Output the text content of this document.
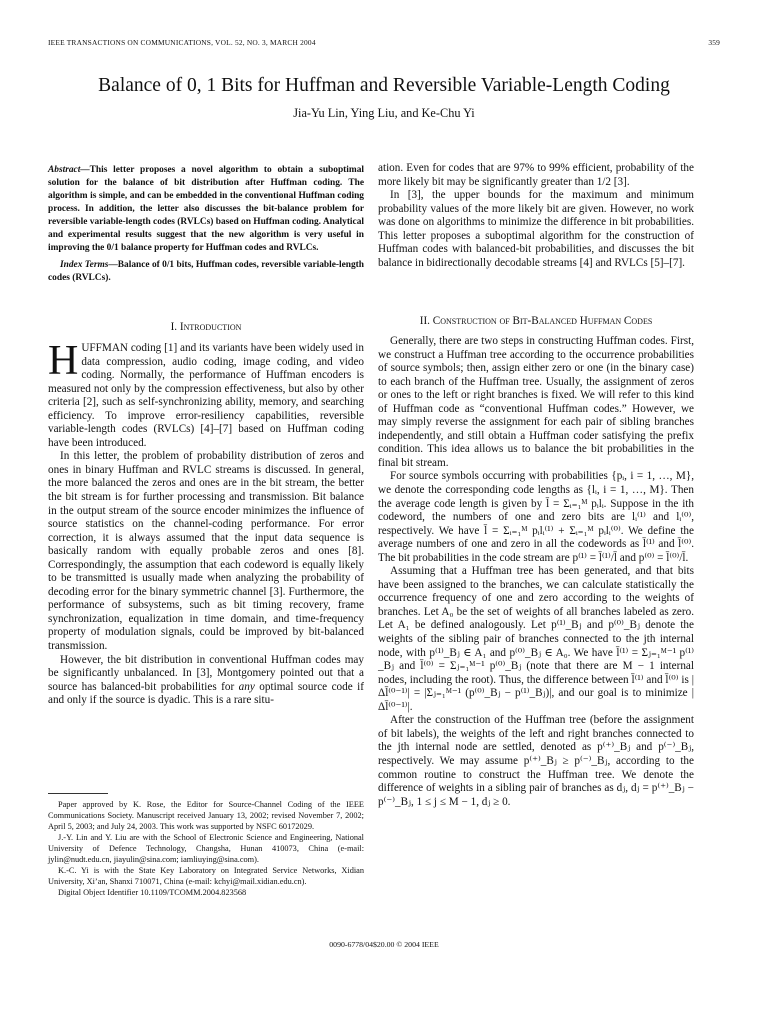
IEEE TRANSACTIONS ON COMMUNICATIONS, VOL. 52, NO. 3, MARCH 2004	359
Balance of 0, 1 Bits for Huffman and Reversible Variable-Length Coding
Jia-Yu Lin, Ying Liu, and Ke-Chu Yi

Abstract—This letter proposes a novel algorithm to obtain a suboptimal solution for the balance of bit distribution after Huffman coding. The algorithm is simple, and can be embedded in the conventional Huffman coding process. In addition, the letter also discusses the bit-balance problem for reversible variable-length codes (RVLCs) based on Huffman coding. Analytical and experimental results suggest that the new algorithm is very useful in improving the 0/1 balance property for Huffman codes and RVLCs.

Index Terms—Balance of 0/1 bits, Huffman codes, reversible variable-length codes (RVLCs).

I. Introduction

HUFFMAN coding [1] and its variants have been widely used in data compression, audio coding, image coding, and video coding. Normally, the performance of Huffman encoders is measured not only by the compression effectiveness, but also by other criteria [2], such as self-synchronizing ability, memory, and searching efficiency. To improve error-resiliency capabilities, reversible variable-length codes (RVLCs) [4]–[7] based on Huffman coding have been introduced.

In this letter, the problem of probability distribution of zeros and ones in binary Huffman and RVLC streams is discussed. In general, the more balanced the zeros and ones are in the bit stream, the better the bit stream is for further processing and transmission. Bit balance in the output stream of the source encoder minimizes the influence of source statistics on the channel-coding performance. For error correction, it is always assumed that the input data sequence is basically random with equally probable zeros and ones [8]. Correspondingly, the assumption that each codeword is equally likely to be transmitted is usually made when analyzing the probability of decoding error for the binary symmetric channel [3]. Furthermore, the performance of subsystems, such as bit timing recovery, frame synchronization, equalization in time domain, and time-frequency property of modulation signals, could be improved by bit-balanced transmission.

However, the bit distribution in conventional Huffman codes may be significantly unbalanced. In [3], Montgomery pointed out that a source has balanced-bit probabilities for any optimal source code if and only if the source is dyadic. This is a rare situ-

Paper approved by K. Rose, the Editor for Source-Channel Coding of the IEEE Communications Society. Manuscript received January 13, 2002; revised November 7, 2002; April 5, 2003; and July 24, 2003. This work was supported by NSFC 60172029.

J.-Y. Lin and Y. Liu are with the School of Electronic Science and Engineering, National University of Defence Technology, Changsha, Hunan 410073, China (e-mail: jylin@nudt.edu.cn, jiayulin@sina.com; iamliuying@sina.com).

K.-C. Yi is with the State Key Laboratory on Integrated Service Networks, Xidian University, Xi’an, Shanxi 710071, China (e-mail: kchyi@mail.xidian.edu.cn).

Digital Object Identifier 10.1109/TCOMM.2004.823568

ation. Even for codes that are 97% to 99% efficient, probability of the more likely bit may be significantly greater than 1/2 [3].

In [3], the upper bounds for the maximum and minimum probability values of the more likely bit are given. However, no work was done on algorithms to minimize the difference in bit probabilities. This letter proposes a suboptimal algorithm for the construction of Huffman codes with balanced-bit probabilities, and discusses the bit balance in bidirectionally decodable streams [4] and RVLCs [5]–[7].

II. Construction of Bit-Balanced Huffman Codes

Generally, there are two steps in constructing Huffman codes. First, we construct a Huffman tree according to the occurrence probabilities of source symbols; then, assign either zero or one (in the binary case) to each branch of the Huffman tree. Usually, the assignment of zeros or ones to the left or right branches is fixed. We will refer to this kind of Huffman code as “conventional Huffman codes.” However, we may simply reverse the assignment for each pair of sibling branches independently, and still obtain a Huffman coder satisfying the prefix condition. This idea allows us to balance the bit probabilities in the final bit stream.

For source symbols occurring with probabilities {pᵢ, i = 1, …, M}, we denote the corresponding code lengths as {lᵢ, i = 1, …, M}. Then the average code length is given by l̄ = Σᵢ₌₁ᴹ pᵢlᵢ. Suppose in the ith codeword, the numbers of one and zero bits are lᵢ⁽¹⁾ and lᵢ⁽⁰⁾, respectively. We have l̄ = Σᵢ₌₁ᴹ pᵢlᵢ⁽¹⁾ + Σᵢ₌₁ᴹ pᵢlᵢ⁽⁰⁾. We define the average numbers of one and zero in all the codewords as l̄⁽¹⁾ and l̄⁽⁰⁾. The bit probabilities in the code stream are p⁽¹⁾ = l̄⁽¹⁾/l̄ and p⁽⁰⁾ = l̄⁽⁰⁾/l̄.

Assuming that a Huffman tree has been generated, and that bits have been assigned to the branches, we can calculate statistically the occurrence frequency of one and zero according to the weights of branches. Let A₀ be the set of weights of all branches labeled as zero. Let A₁ be defined analogously. Let p⁽¹⁾_Bⱼ and p⁽⁰⁾_Bⱼ denote the weights of the sibling pair of branches connected to the jth internal node, with p⁽¹⁾_Bⱼ ∈ A₁ and p⁽⁰⁾_Bⱼ ∈ A₀. We have l̄⁽¹⁾ = Σⱼ₌₁ᴹ⁻¹ p⁽¹⁾_Bⱼ and l̄⁽⁰⁾ = Σⱼ₌₁ᴹ⁻¹ p⁽⁰⁾_Bⱼ (note that there are M − 1 internal nodes, including the root). Thus, the difference between l̄⁽¹⁾ and l̄⁽⁰⁾ is |Δl̄⁽⁰⁻¹⁾| = |Σⱼ₌₁ᴹ⁻¹ (p⁽⁰⁾_Bⱼ − p⁽¹⁾_Bⱼ)|, and our goal is to minimize |Δl̄⁽⁰⁻¹⁾|.

After the construction of the Huffman tree (before the assignment of bit labels), the weights of the left and right branches connected to the jth internal node are settled, denoted as p⁽⁺⁾_Bⱼ and p⁽⁻⁾_Bⱼ, respectively. We may assume p⁽⁺⁾_Bⱼ ≥ p⁽⁻⁾_Bⱼ, according to the common routine to construct the Huffman tree. We denote the difference of weights in a sibling pair of branches as dⱼ, dⱼ = p⁽⁺⁾_Bⱼ − p⁽⁻⁾_Bⱼ, 1 ≤ j ≤ M − 1, dⱼ ≥ 0.

0090-6778/04$20.00 © 2004 IEEE
